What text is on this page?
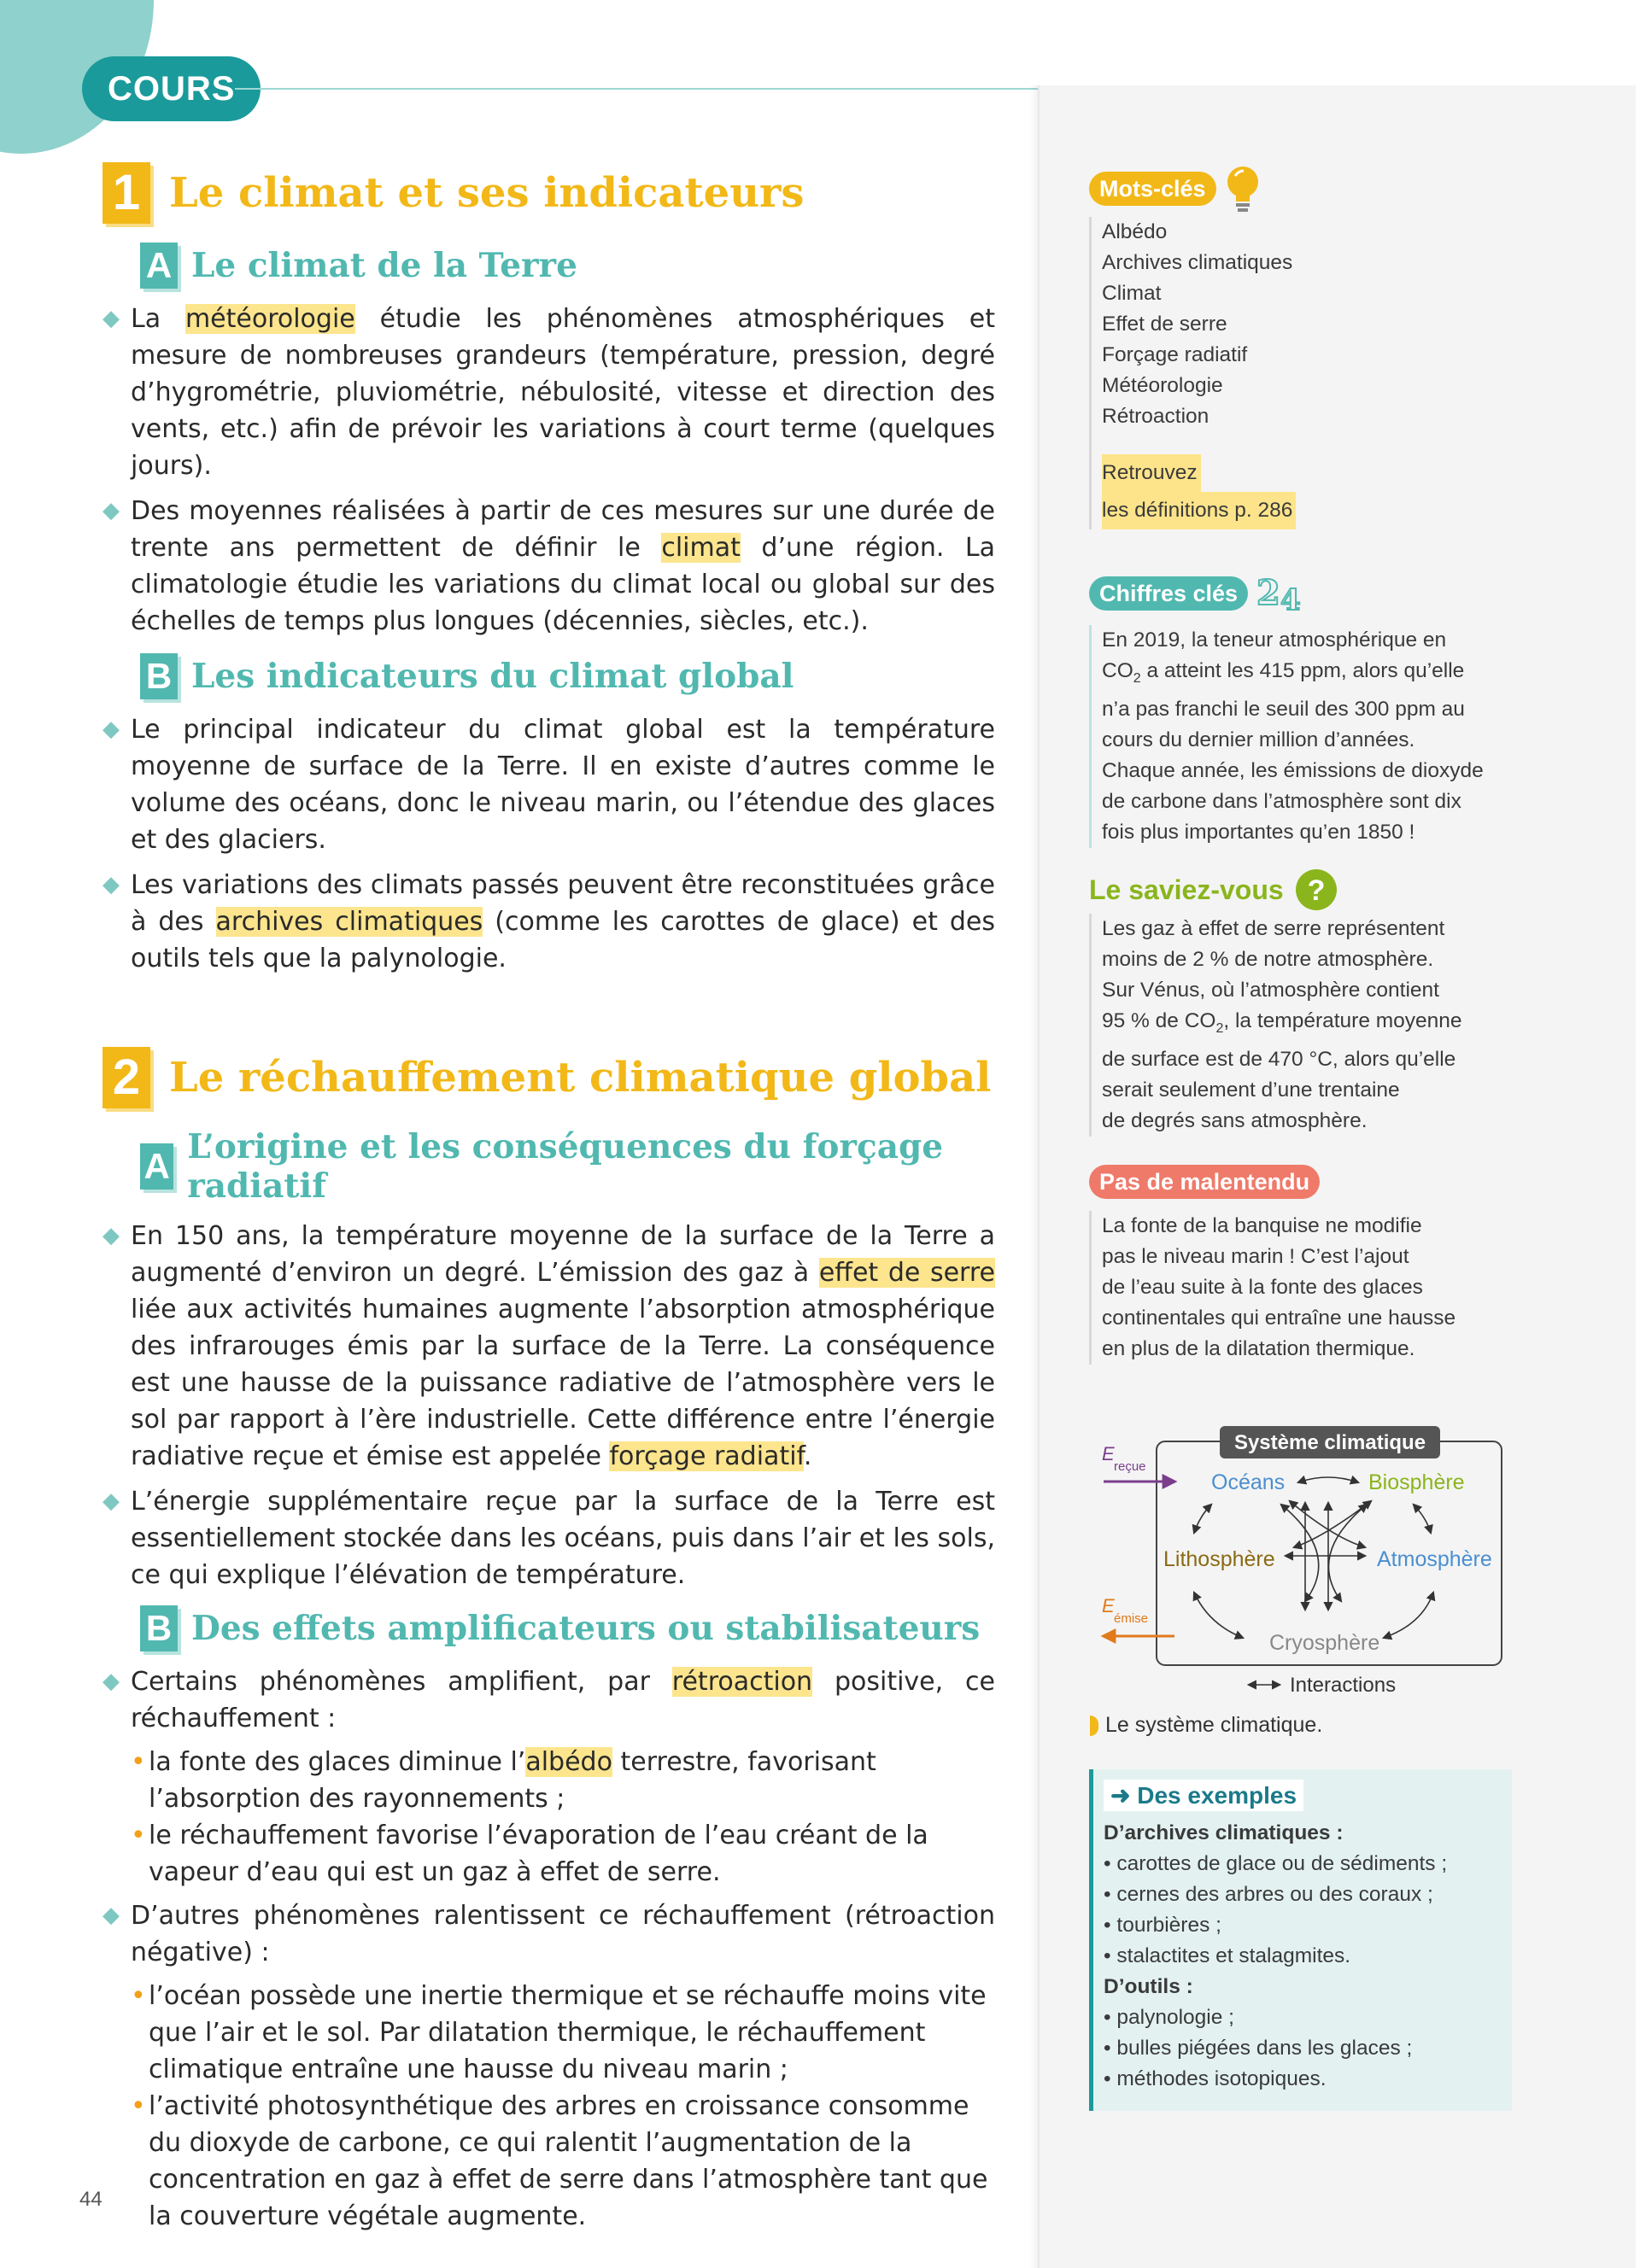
COURS
1 Le climat et ses indicateurs
A Le climat de la Terre
◆ La météorologie étudie les phénomènes atmosphériques et mesure de nombreuses grandeurs (température, pression, degré d’hygrométrie, pluviométrie, nébulosité, vitesse et direction des vents, etc.) afin de prévoir les variations à court terme (quelques jours).
◆ Des moyennes réalisées à partir de ces mesures sur une durée de trente ans permettent de définir le climat d’une région. La climatologie étudie les variations du climat local ou global sur des échelles de temps plus longues (décennies, siècles, etc.).
B Les indicateurs du climat global
◆ Le principal indicateur du climat global est la température moyenne de surface de la Terre. Il en existe d’autres comme le volume des océans, donc le niveau marin, ou l’étendue des glaces et des glaciers.
◆ Les variations des climats passés peuvent être reconstituées grâce à des archives climatiques (comme les carottes de glace) et des outils tels que la palynologie.
2 Le réchauffement climatique global
A L’origine et les conséquences du forçage radiatif
◆ En 150 ans, la température moyenne de la surface de la Terre a augmenté d’environ un degré. L’émission des gaz à effet de serre liée aux activités humaines augmente l’absorption atmosphérique des infrarouges émis par la surface de la Terre. La conséquence est une hausse de la puissance radiative de l’atmosphère vers le sol par rapport à l’ère industrielle. Cette différence entre l’énergie radiative reçue et émise est appelée forçage radiatif.
◆ L’énergie supplémentaire reçue par la surface de la Terre est essentiellement stockée dans les océans, puis dans l’air et les sols, ce qui explique l’élévation de température.
B Des effets amplificateurs ou stabilisateurs
◆ Certains phénomènes amplifient, par rétroaction positive, ce réchauffement :
• la fonte des glaces diminue l’albédo terrestre, favorisant l’absorption des rayonnements ;
• le réchauffement favorise l’évaporation de l’eau créant de la vapeur d’eau qui est un gaz à effet de serre.
◆ D’autres phénomènes ralentissent ce réchauffement (rétroaction négative) :
• l’océan possède une inertie thermique et se réchauffe moins vite que l’air et le sol. Par dilatation thermique, le réchauffement climatique entraîne une hausse du niveau marin ;
• l’activité photosynthétique des arbres en croissance consomme du dioxyde de carbone, ce qui ralentit l’augmentation de la concentration en gaz à effet de serre dans l’atmosphère tant que la couverture végétale augmente.
Mots-clés
Albédo
Archives climatiques
Climat
Effet de serre
Forçage radiatif
Météorologie
Rétroaction
Retrouvez
les définitions p. 286
Chiffres clés 2 4
En 2019, la teneur atmosphérique en
$CO_2$ a atteint les 415 ppm, alors qu’elle
n’a pas franchi le seuil des 300 ppm au
cours du dernier million d’années.
Chaque année, les émissions de dioxyde
de carbone dans l’atmosphère sont dix
fois plus importantes qu’en 1850 !
Le saviez-vous ?
Les gaz à effet de serre représentent
moins de 2 % de notre atmosphère.
Sur Vénus, où l’atmosphère contient
95 % de $CO_2$, la température moyenne
de surface est de 470 °C, alors qu’elle
serait seulement d’une trentaine
de degrés sans atmosphère.
Pas de malentendu
La fonte de la banquise ne modifie
pas le niveau marin ! C’est l’ajout
de l’eau suite à la fonte des glaces
continentales qui entraîne une hausse
en plus de la dilatation thermique.
Système climatique
Océans	Biosphère
Lithosphère	Atmosphère
Cryosphère
E
reçue
E
émise
Interactions
Le système climatique.
➜ Des exemples
D’archives climatiques :
• carottes de glace ou de sédiments ;
• cernes des arbres ou des coraux ;
• tourbières ;
• stalactites et stalagmites.
D’outils :
• palynologie ;
• bulles piégées dans les glaces ;
• méthodes isotopiques.
44
